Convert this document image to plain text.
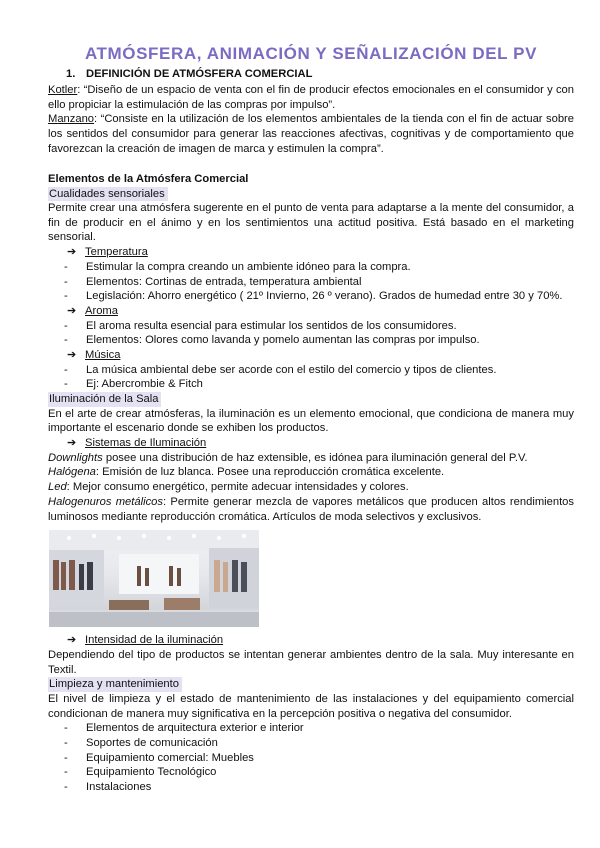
ATMÓSFERA, ANIMACIÓN Y SEÑALIZACIÓN DEL PV
1. DEFINICIÓN DE ATMÓSFERA COMERCIAL

Kotler: “Diseño de un espacio de venta con el fin de producir efectos emocionales en el consumidor y con ello propiciar la estimulación de las compras por impulso”.

Manzano: “Consiste en la utilización de los elementos ambientales de la tienda con el fin de actuar sobre los sentidos del consumidor para generar las reacciones afectivas, cognitivas y de comportamiento que favorezcan la creación de imagen de marca y estimulen la compra”.

Elementos de la Atmósfera Comercial
Cualidades sensoriales

Permite crear una atmósfera sugerente en el punto de venta para adaptarse a la mente del consumidor, a fin de producir en el ánimo y en los sentimientos una actitud positiva. Está basado en el marketing sensorial.

➔ Temperatura
- Estimular la compra creando un ambiente idóneo para la compra.
- Elementos: Cortinas de entrada, temperatura ambiental
- Legislación: Ahorro energético ( 21º Invierno, 26 º verano). Grados de humedad entre 30 y 70%.
➔ Aroma
- El aroma resulta esencial para estimular los sentidos de los consumidores.
- Elementos: Olores como lavanda y pomelo aumentan las compras por impulso.
➔ Música
- La música ambiental debe ser acorde con el estilo del comercio y tipos de clientes.
- Ej: Abercrombie & Fitch
Iluminación de la Sala

En el arte de crear atmósferas, la iluminación es un elemento emocional, que condiciona de manera muy importante el escenario donde se exhiben los productos.

➔ Sistemas de Iluminación

Downlights posee una distribución de haz extensible, es idónea para iluminación general del P.V.

Halógena: Emisión de luz blanca. Posee una reproducción cromática excelente.

Led: Mejor consumo energético, permite adecuar intensidades y colores.

Halogenuros metálicos: Permite generar mezcla de vapores metálicos que producen altos rendimientos luminosos mediante reproducción cromática. Artículos de moda selectivos y exclusivos.

➔ Intensidad de la iluminación

Dependiendo del tipo de productos se intentan generar ambientes dentro de la sala. Muy interesante en Textil.

Limpieza y mantenimiento

El nivel de limpieza y el estado de mantenimiento de las instalaciones y del equipamiento comercial condicionan de manera muy significativa en la percepción positiva o negativa del consumidor.

- Elementos de arquitectura exterior e interior
- Soportes de comunicación
- Equipamiento comercial: Muebles
- Equipamiento Tecnológico
- Instalaciones
